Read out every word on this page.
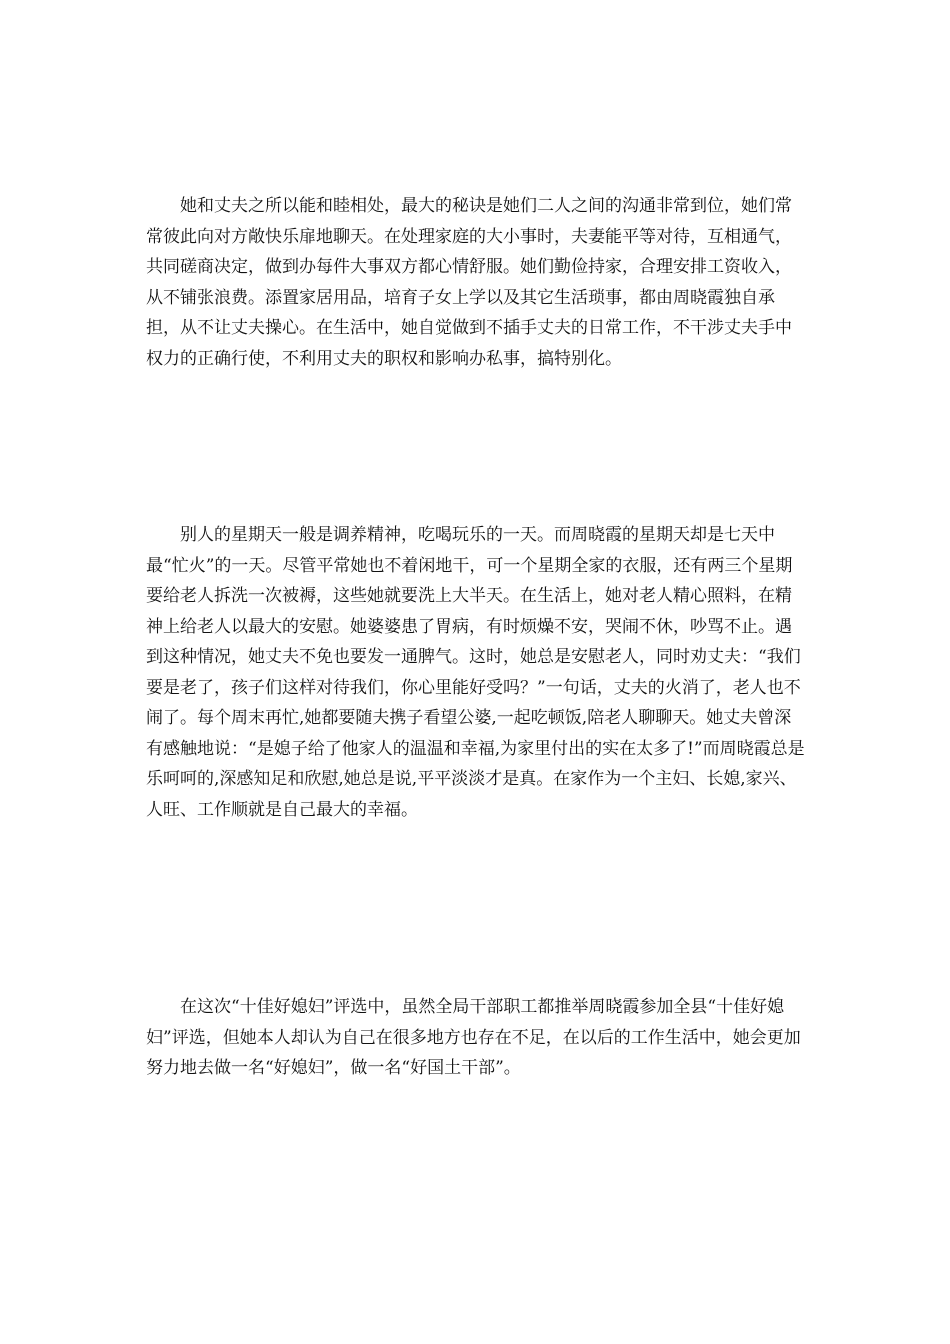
　　她和丈夫之所以能和睦相处，最大的秘诀是她们二人之间的沟通非常到位，她们常常彼此向对方敞快乐扉地聊天。在处理家庭的大小事时，夫妻能平等对待，互相通气，共同磋商决定，做到办每件大事双方都心情舒服。她们勤俭持家，合理安排工资收入，从不铺张浪费。添置家居用品，培育子女上学以及其它生活琐事，都由周晓霞独自承担，从不让丈夫操心。在生活中，她自觉做到不插手丈夫的日常工作，不干涉丈夫手中权力的正确行使，不利用丈夫的职权和影响办私事，搞特别化。

　　别人的星期天一般是调养精神，吃喝玩乐的一天。而周晓霞的星期天却是七天中最“忙火”的一天。尽管平常她也不着闲地干，可一个星期全家的衣服，还有两三个星期要给老人拆洗一次被褥，这些她就要洗上大半天。在生活上，她对老人精心照料，在精神上给老人以最大的安慰。她婆婆患了胃病，有时烦燥不安，哭闹不休，吵骂不止。遇到这种情况，她丈夫不免也要发一通脾气。这时，她总是安慰老人，同时劝丈夫：“我们要是老了，孩子们这样对待我们，你心里能好受吗？”一句话，丈夫的火消了，老人也不闹了。每个周末再忙,她都要随夫携子看望公婆,一起吃顿饭,陪老人聊聊天。她丈夫曾深有感触地说：“是媳子给了他家人的温温和幸福,为家里付出的实在太多了!”而周晓霞总是乐呵呵的,深感知足和欣慰,她总是说,平平淡淡才是真。在家作为一个主妇、长媳,家兴、人旺、工作顺就是自己最大的幸福。

　　在这次“十佳好媳妇”评选中，虽然全局干部职工都推举周晓霞参加全县“十佳好媳妇”评选，但她本人却认为自己在很多地方也存在不足，在以后的工作生活中，她会更加努力地去做一名“好媳妇”，做一名“好国土干部”。
